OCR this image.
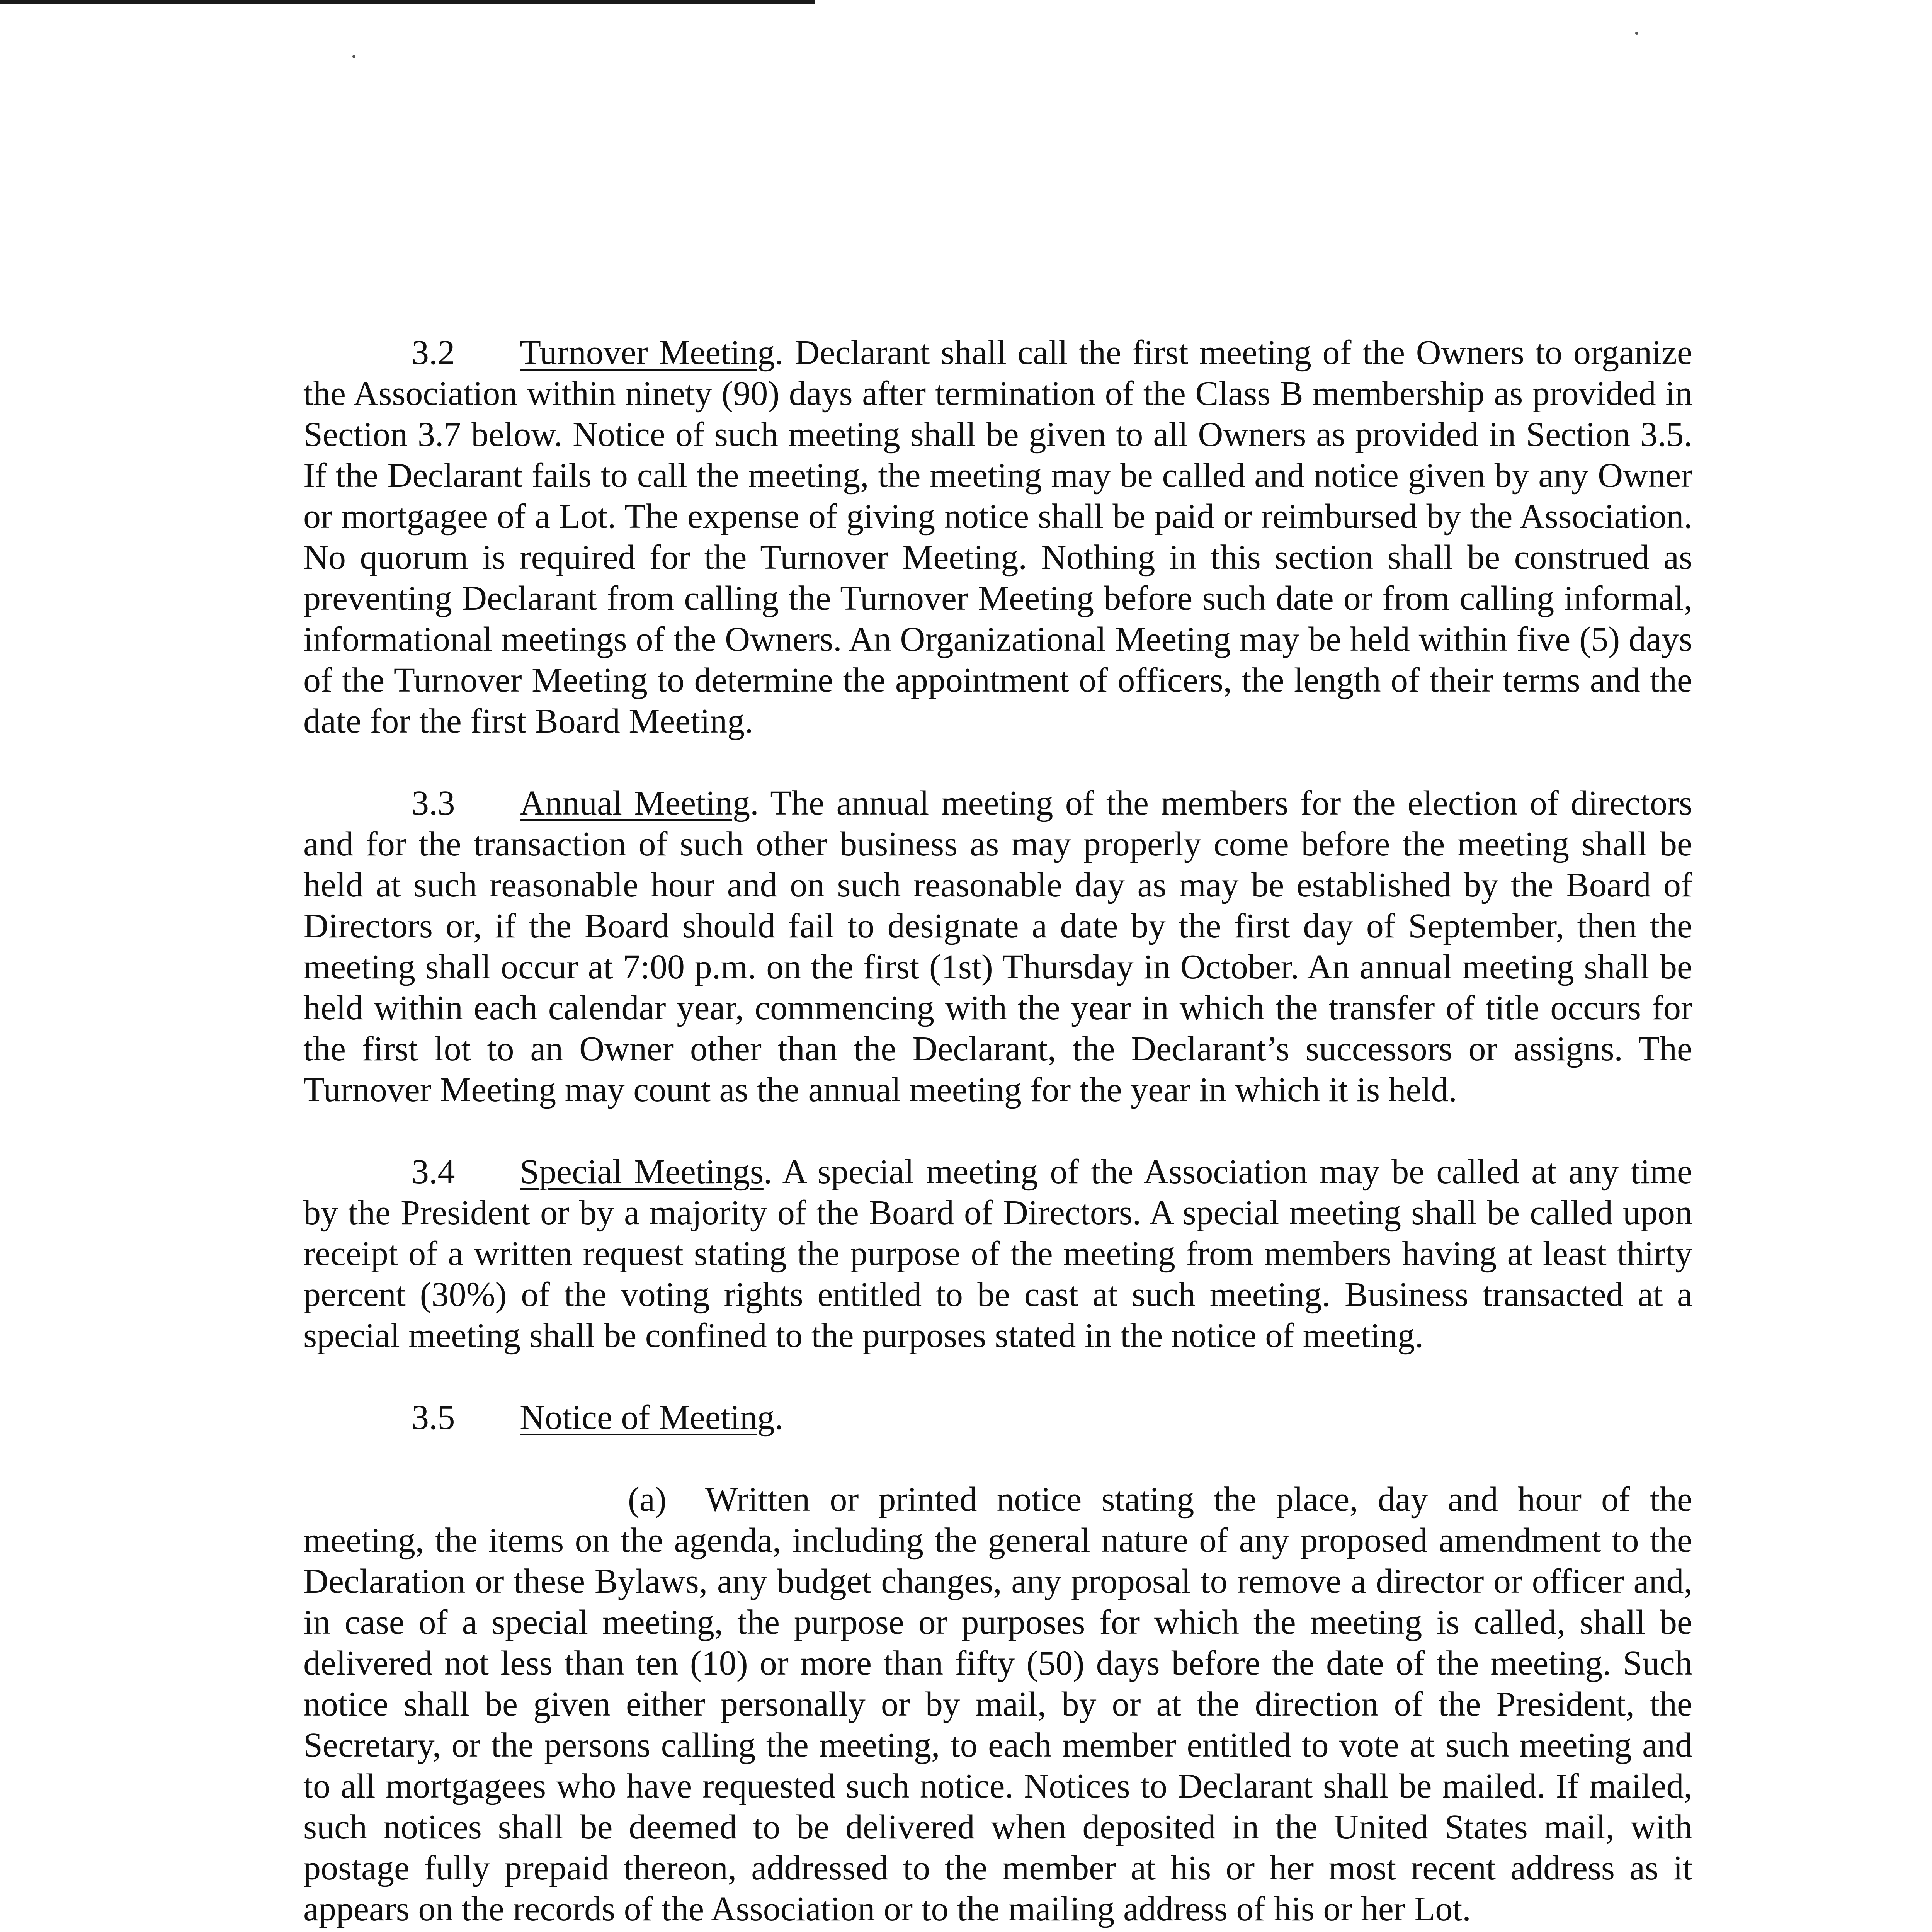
3.2 Turnover Meeting. Declarant shall call the first meeting of the Owners to organize the Association within ninety (90) days after termination of the Class B membership as provided in Section 3.7 below. Notice of such meeting shall be given to all Owners as provided in Section 3.5. If the Declarant fails to call the meeting, the meeting may be called and notice given by any Owner or mortgagee of a Lot. The expense of giving notice shall be paid or reimbursed by the Association. No quorum is required for the Turnover Meeting. Nothing in this section shall be construed as preventing Declarant from calling the Turnover Meeting before such date or from calling informal, informational meetings of the Owners. An Organizational Meeting may be held within five (5) days of the Turnover Meeting to determine the appointment of officers, the length of their terms and the date for the first Board Meeting.

3.3 Annual Meeting. The annual meeting of the members for the election of directors and for the transaction of such other business as may properly come before the meeting shall be held at such reasonable hour and on such reasonable day as may be established by the Board of Directors or, if the Board should fail to designate a date by the first day of September, then the meeting shall occur at 7:00 p.m. on the first (1st) Thursday in October. An annual meeting shall be held within each calendar year, commencing with the year in which the transfer of title occurs for the first lot to an Owner other than the Declarant, the Declarant’s successors or assigns. The Turnover Meeting may count as the annual meeting for the year in which it is held.

3.4 Special Meetings. A special meeting of the Association may be called at any time by the President or by a majority of the Board of Directors. A special meeting shall be called upon receipt of a written request stating the purpose of the meeting from members having at least thirty percent (30%) of the voting rights entitled to be cast at such meeting. Business transacted at a special meeting shall be confined to the purposes stated in the notice of meeting.

3.5 Notice of Meeting.

(a) Written or printed notice stating the place, day and hour of the meeting, the items on the agenda, including the general nature of any proposed amendment to the Declaration or these Bylaws, any budget changes, any proposal to remove a director or officer and, in case of a special meeting, the purpose or purposes for which the meeting is called, shall be delivered not less than ten (10) or more than fifty (50) days before the date of the meeting. Such notice shall be given either personally or by mail, by or at the direction of the President, the Secretary, or the persons calling the meeting, to each member entitled to vote at such meeting and to all mortgagees who have requested such notice. Notices to Declarant shall be mailed. If mailed, such notices shall be deemed to be delivered when deposited in the United States mail, with postage fully prepaid thereon, addressed to the member at his or her most recent address as it appears on the records of the Association or to the mailing address of his or her Lot.
